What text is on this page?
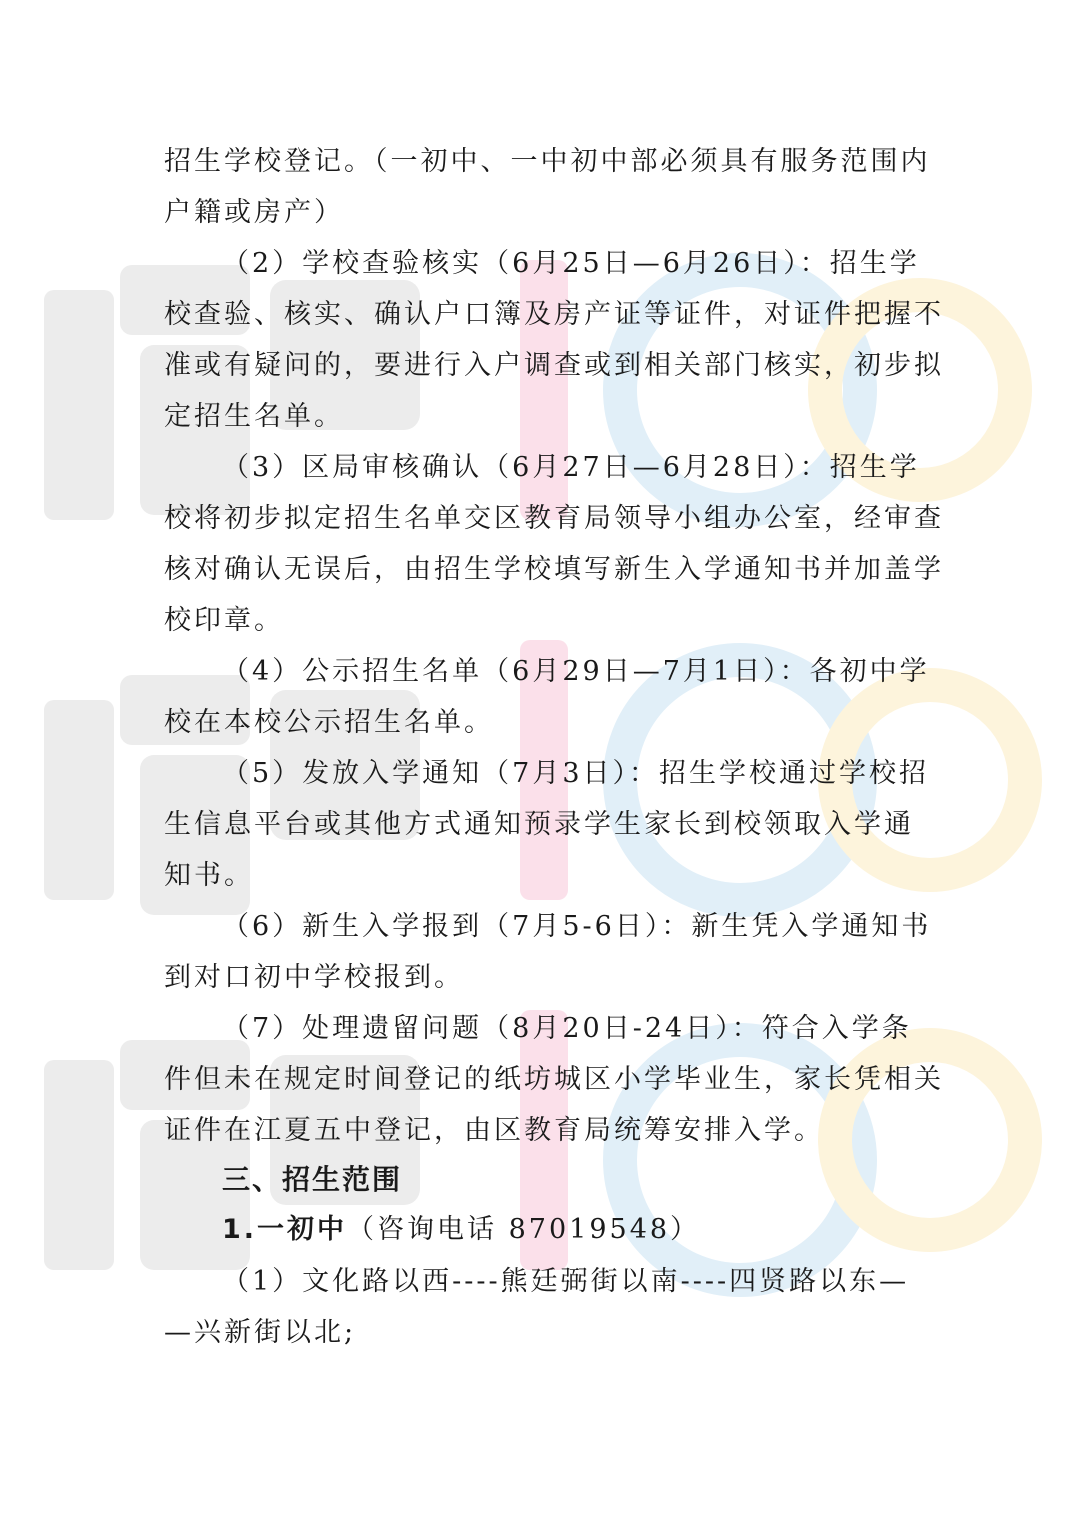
招生学校登记。（一初中、一中初中部必须具有服务范围内
户籍或房产）
（2）学校查验核实（6月25日—6月26日）：招生学
校查验、核实、确认户口簿及房产证等证件，对证件把握不
准或有疑问的，要进行入户调查或到相关部门核实，初步拟
定招生名单。
（3）区局审核确认（6月27日—6月28日）：招生学
校将初步拟定招生名单交区教育局领导小组办公室，经审查
核对确认无误后，由招生学校填写新生入学通知书并加盖学
校印章。
（4）公示招生名单（6月29日—7月1日）：各初中学
校在本校公示招生名单。
（5）发放入学通知（7月3日）：招生学校通过学校招
生信息平台或其他方式通知预录学生家长到校领取入学通
知书。
（6）新生入学报到（7月5-6日）：新生凭入学通知书
到对口初中学校报到。
（7）处理遗留问题（8月20日-24日）：符合入学条
件但未在规定时间登记的纸坊城区小学毕业生，家长凭相关
证件在江夏五中登记，由区教育局统筹安排入学。
三、招生范围
1.一初中（咨询电话 87019548）
（1）文化路以西----熊廷弼街以南----四贤路以东—
—兴新街以北;
